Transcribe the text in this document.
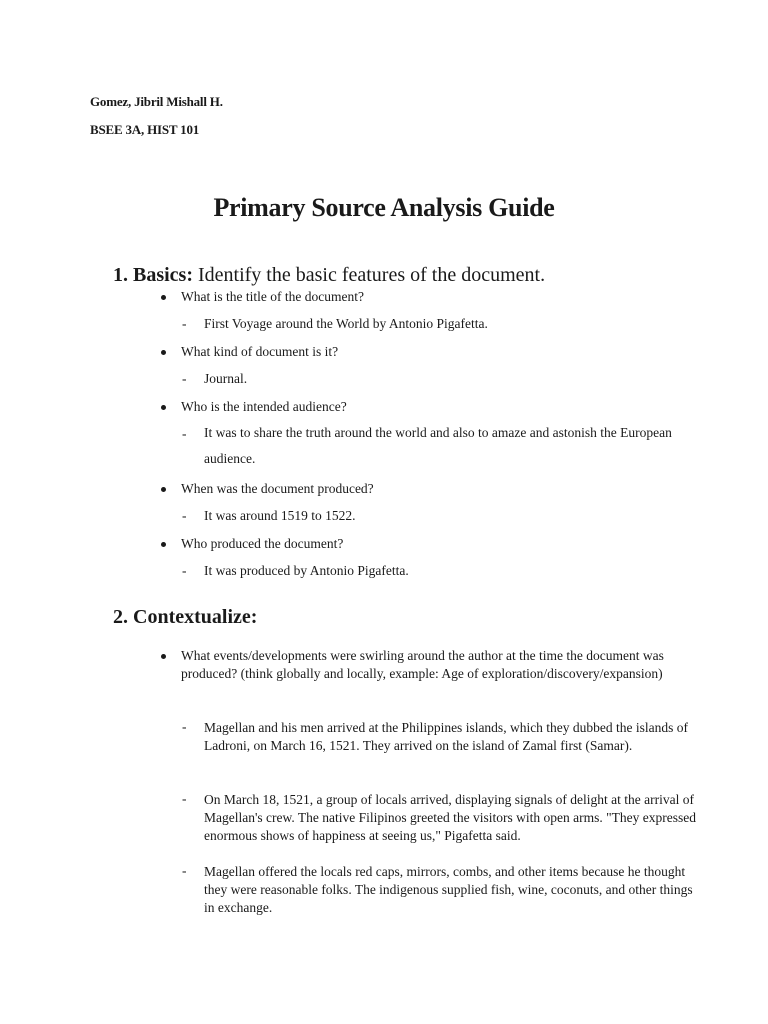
Gomez, Jibril Mishall H.
BSEE 3A, HIST 101
Primary Source Analysis Guide
1. Basics: Identify the basic features of the document.
What is the title of the document?
- First Voyage around the World by Antonio Pigafetta.
What kind of document is it?
- Journal.
Who is the intended audience?
- It was to share the truth around the world and also to amaze and astonish the European audience.
When was the document produced?
- It was around 1519 to 1522.
Who produced the document?
- It was produced by Antonio Pigafetta.
2. Contextualize:
What events/developments were swirling around the author at the time the document was produced? (think globally and locally, example: Age of exploration/discovery/expansion)
- Magellan and his men arrived at the Philippines islands, which they dubbed the islands of Ladroni, on March 16, 1521. They arrived on the island of Zamal first (Samar).
- On March 18, 1521, a group of locals arrived, displaying signals of delight at the arrival of Magellan's crew. The native Filipinos greeted the visitors with open arms. "They expressed enormous shows of happiness at seeing us," Pigafetta said.
- Magellan offered the locals red caps, mirrors, combs, and other items because he thought they were reasonable folks. The indigenous supplied fish, wine, coconuts, and other things in exchange.
